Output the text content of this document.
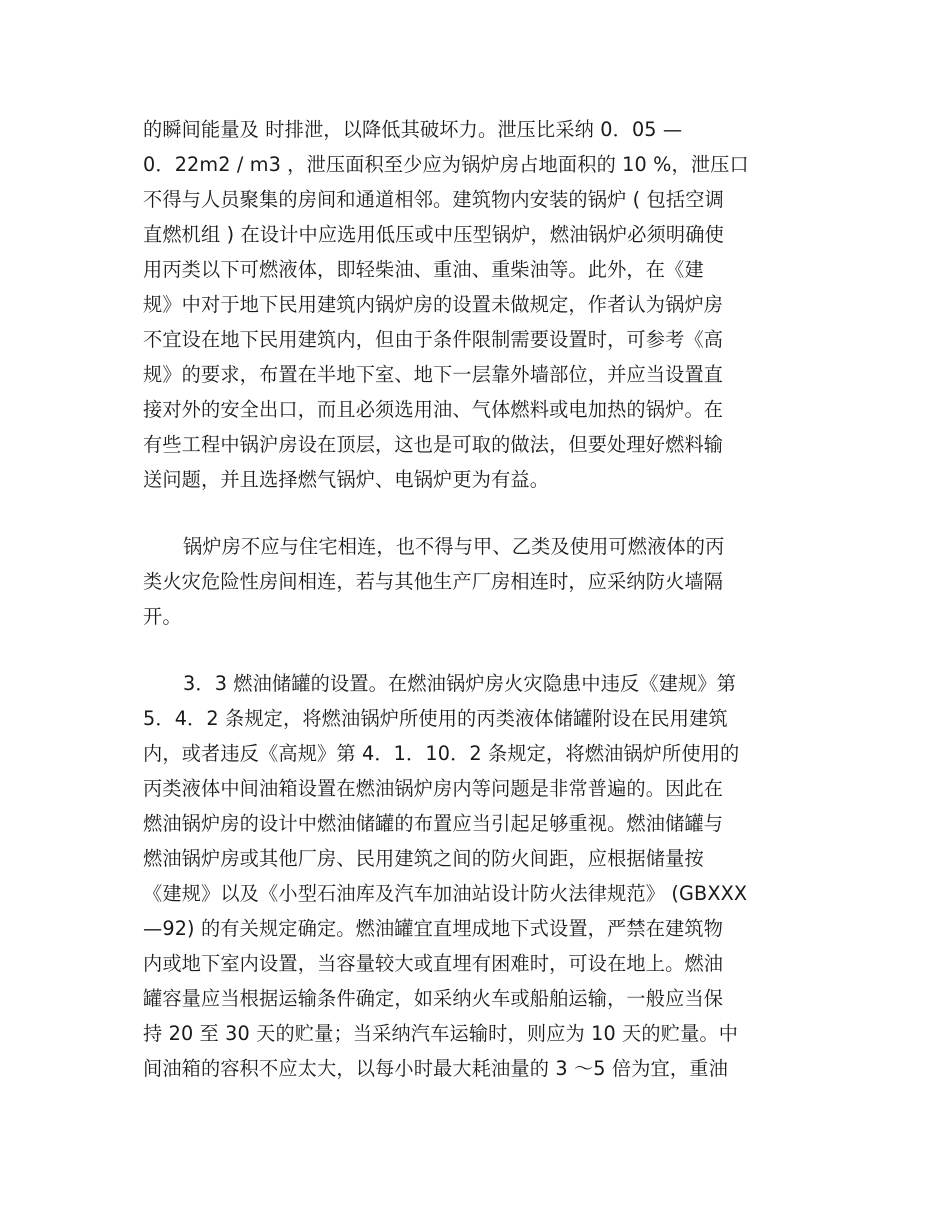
的瞬间能量及 时排泄，以降低其破坏力。泄压比采纳 0．05 —
0．22m2 / m3 ，泄压面积至少应为锅炉房占地面积的 10 %，泄压口
不得与人员聚集的房间和通道相邻。建筑物内安装的锅炉 ( 包括空调
直燃机组 ) 在设计中应选用低压或中压型锅炉，燃油锅炉必须明确使
用丙类以下可燃液体，即轻柴油、重油、重柴油等。此外，在《建
规》中对于地下民用建筑内锅炉房的设置未做规定，作者认为锅炉房
不宜设在地下民用建筑内，但由于条件限制需要设置时，可参考《高
规》的要求，布置在半地下室、地下一层靠外墙部位，并应当设置直
接对外的安全出口，而且必须选用油、气体燃料或电加热的锅炉。在
有些工程中锅沪房设在顶层，这也是可取的做法，但要处理好燃料输
送问题，并且选择燃气锅炉、电锅炉更为有益。
锅炉房不应与住宅相连，也不得与甲、乙类及使用可燃液体的丙
类火灾危险性房间相连，若与其他生产厂房相连时，应采纳防火墙隔
开。
3．3 燃油储罐的设置。在燃油锅炉房火灾隐患中违反《建规》第
5．4．2 条规定，将燃油锅炉所使用的丙类液体储罐附设在民用建筑
内，或者违反《高规》第 4．1．10．2 条规定，将燃油锅炉所使用的
丙类液体中间油箱设置在燃油锅炉房内等问题是非常普遍的。因此在
燃油锅炉房的设计中燃油储罐的布置应当引起足够重视。燃油储罐与
燃油锅炉房或其他厂房、民用建筑之间的防火间距，应根据储量按
《建规》以及《小型石油库及汽车加油站设计防火法律规范》 (GBXXX
—92) 的有关规定确定。燃油罐宜直埋成地下式设置，严禁在建筑物
内或地下室内设置，当容量较大或直埋有困难时，可设在地上。燃油
罐容量应当根据运输条件确定，如采纳火车或船舶运输，一般应当保
持 20 至 30 天的贮量；当采纳汽车运输时，则应为 10 天的贮量。中
间油箱的容积不应太大，以每小时最大耗油量的 3 ～5 倍为宜，重油
